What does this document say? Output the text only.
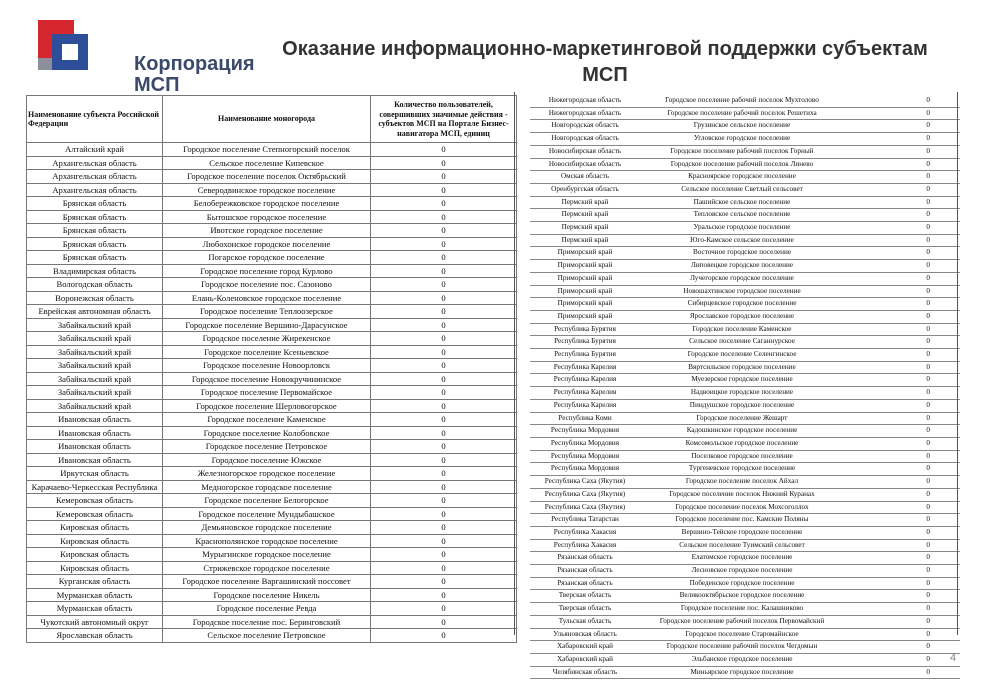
Корпорация
МСП
Оказание информационно-маркетинговой поддержки субъектам МСП
Наименование субъекта Российской Федерации	Наименование моногорода	Количество пользователей, совершивших значимые действия - субъектов МСП на Портале Бизнес-навигатора МСП, единиц
Алтайский край	Городское поселение Степногорский поселок	0
Архангельская область	Сельское поселение Кипевское	0
Архангельская область	Городское поселение поселок Октябрьский	0
Архангельская область	Северодвинское городское поселение	0
Брянская область	Белобережковское городское поселение	0
Брянская область	Бытошское городское поселение	0
Брянская область	Ивотское городское поселение	0
Брянская область	Любохонское городское поселение	0
Брянская область	Погарское городское поселение	0
Владимирская область	Городское поселение город Курлово	0
Вологодская область	Городское поселение пос. Сазоново	0
Воронежская область	Елань-Коленовское городское поселение	0
Еврейская автономная область	Городское поселение Теплоозерское	0
Забайкальский край	Городское поселение Вершино-Дарасунское	0
Забайкальский край	Городское поселение Жирекенское	0
Забайкальский край	Городское поселение Ксеньевское	0
Забайкальский край	Городское поселение Новоорловск	0
Забайкальский край	Городское поселение Новокручининское	0
Забайкальский край	Городское поселение Первомайское	0
Забайкальский край	Городское поселение Шерловогорское	0
Ивановская область	Городское поселение Каменское	0
Ивановская область	Городское поселение Колобовское	0
Ивановская область	Городское поселение Петровское	0
Ивановская область	Городское поселение Южское	0
Иркутская область	Железногорское городское поселение	0
Карачаево-Черкесская Республика	Медногорское городское поселение	0
Кемеровская область	Городское поселение Белогорское	0
Кемеровская область	Городское поселение Мундыбашское	0
Кировская область	Демьяновское городское поселение	0
Кировская область	Краснополянское городское поселение	0
Кировская область	Мурыгинское городское поселение	0
Кировская область	Стрижевское городское поселение	0
Курганская область	Городское поселение Варгашинский поссовет	0
Мурманская область	Городское поселение Никель	0
Мурманская область	Городское поселение Ревда	0
Чукотский автономный округ	Городское поселение пос. Беринговский	0
Ярославская область	Сельское поселение Петровское	0
Нижегородская область	Городское поселение рабочий поселок Мухтолово	0
Нижегородская область	Городское поселение рабочий поселок Решетиха	0
Новгородская область	Грузинское сельское поселение	0
Новгородская область	Угловское городское поселение	0
Новосибирская область	Городское поселение рабочий поселок Горный	0
Новосибирская область	Городское поселение рабочий поселок Линево	0
Омская область	Красноярское городское поселение	0
Оренбургская область	Сельское поселение Светлый сельсовет	0
Пермский край	Пашийское сельское поселение	0
Пермский край	Тепловское сельское поселение	0
Пермский край	Уральское городское поселение	0
Пермский край	Юго-Камское сельское поселение	0
Приморский край	Восточное городское поселение	0
Приморский край	Липовецкое городское поселение	0
Приморский край	Лучегорское городское поселение	0
Приморский край	Новошахтинское городское поселение	0
Приморский край	Сибирцевское городское поселение	0
Приморский край	Ярославское городское поселение	0
Республика Бурятия	Городское поселение Каменское	0
Республика Бурятия	Сельское поселение Саганнурское	0
Республика Бурятия	Городское поселение Селенгинское	0
Республика Карелия	Вяртсильское городское поселение	0
Республика Карелия	Муезерское городское поселение	0
Республика Карелия	Надвоицкое городское поселение	0
Республика Карелия	Пиндушское городское поселение	0
Республика Коми	Городское поселение Жешарт	0
Республика Мордовия	Кадошкинское городское поселение	0
Республика Мордовия	Комсомольское городское поселение	0
Республика Мордовия	Поселковое городское поселение	0
Республика Мордовия	Тургеневское городское поселение	0
Республика Саха (Якутия)	Городское поселение поселок Айхал	0
Республика Саха (Якутия)	Городское поселение поселок Нижний Куранах	0
Республика Саха (Якутия)	Городское поселение поселок Мохсоголлох	0
Республика Татарстан	Городское поселение пос. Камские Поляны	0
Республика Хакасия	Вершино-Тейское городское поселение	0
Республика Хакасия	Сельское поселение Туимский сельсовет	0
Рязанская область	Елатомское городское поселение	0
Рязанская область	Лесновское городское поселение	0
Рязанская область	Победенское городское поселение	0
Тверская область	Великооктябрьское городское поселение	0
Тверская область	Городское поселение пос. Калашниково	0
Тульская область	Городское поселение рабочий поселок Первомайский	0
Ульяновская область	Городское поселение Старомайнское	0
Хабаровский край	Городское поселение рабочий поселок Чегдомын	0
Хабаровский край	Эльбанское городское поселение	0
Челябинская область	Миньярское городское поселение	0
4
